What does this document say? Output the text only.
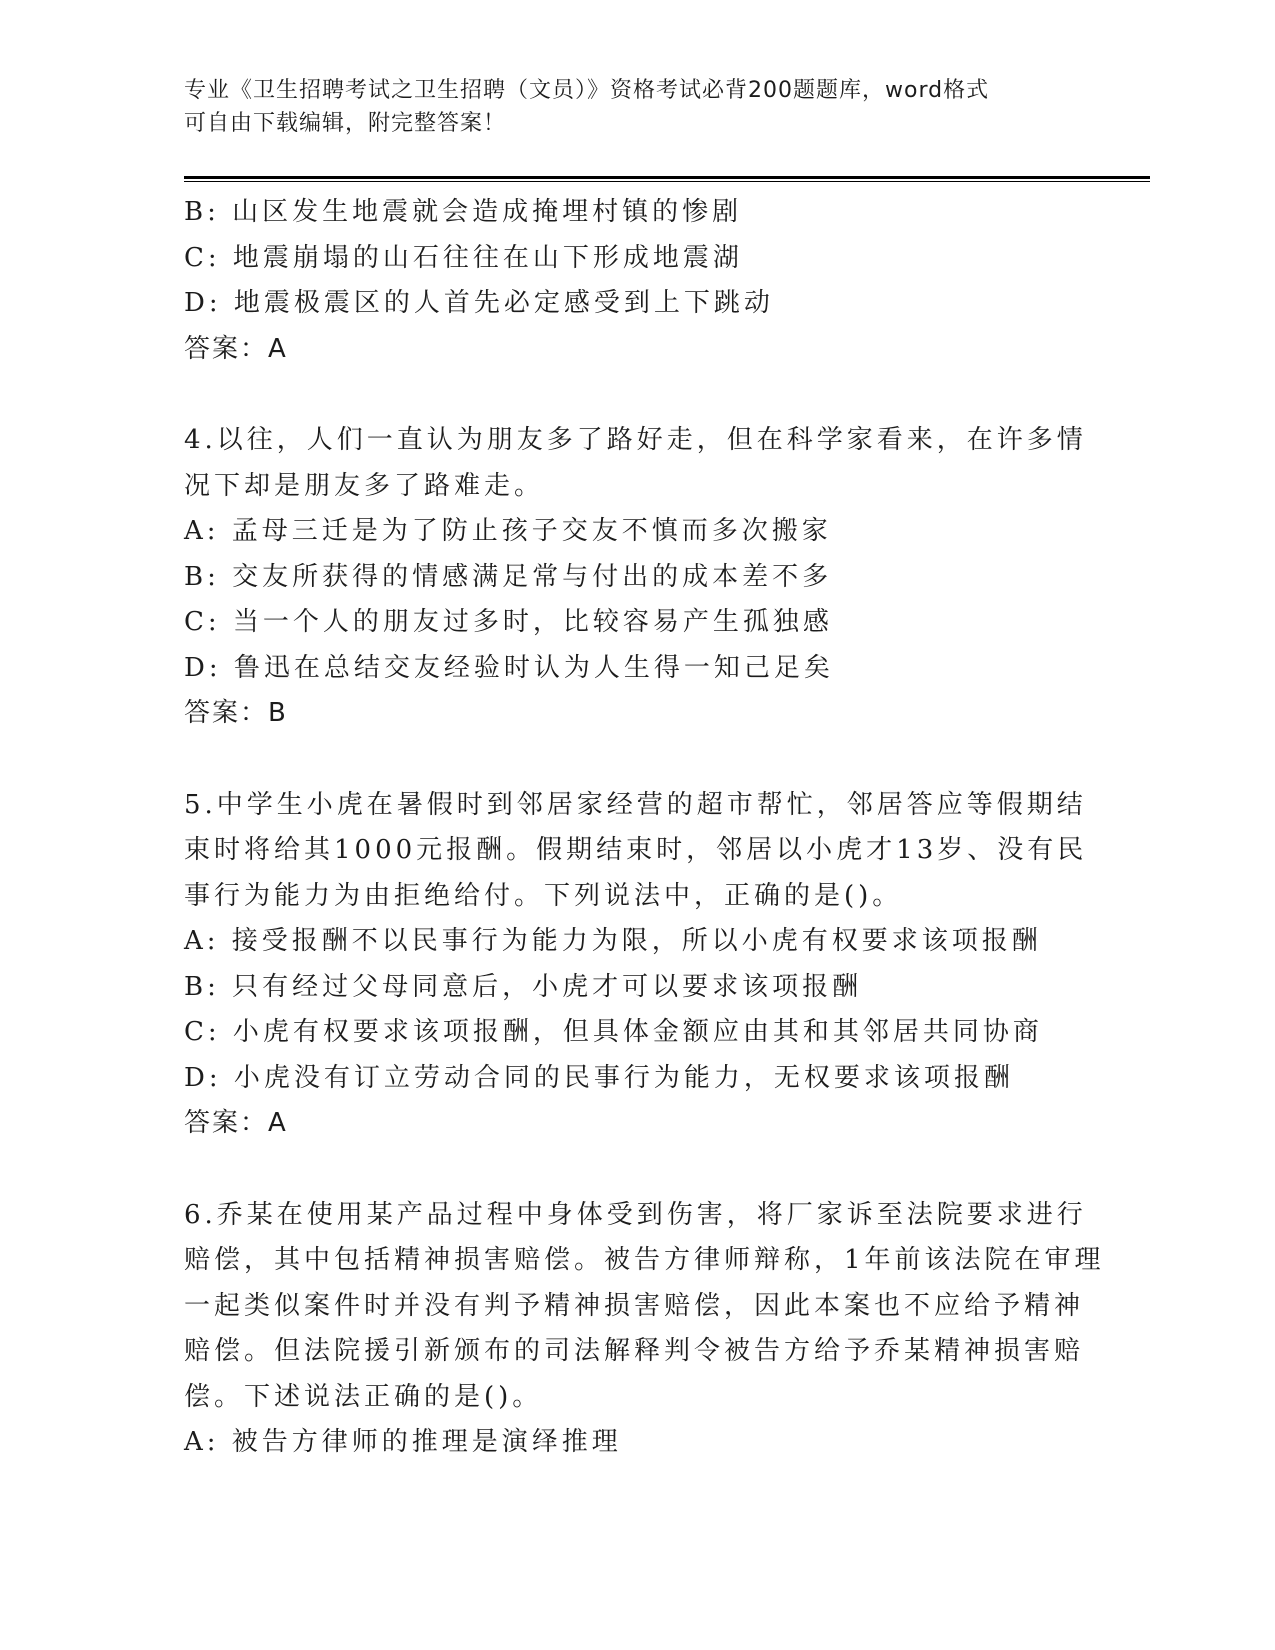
专业《卫生招聘考试之卫生招聘（文员）》资格考试必背200题题库，word格式
可自由下载编辑，附完整答案！
B: 山区发生地震就会造成掩埋村镇的惨剧
C: 地震崩塌的山石往往在山下形成地震湖
D: 地震极震区的人首先必定感受到上下跳动
答案：A
4.以往，人们一直认为朋友多了路好走，但在科学家看来，在许多情
况下却是朋友多了路难走。
A: 孟母三迁是为了防止孩子交友不慎而多次搬家
B: 交友所获得的情感满足常与付出的成本差不多
C: 当一个人的朋友过多时，比较容易产生孤独感
D: 鲁迅在总结交友经验时认为人生得一知己足矣
答案：B
5.中学生小虎在暑假时到邻居家经营的超市帮忙，邻居答应等假期结
束时将给其1000元报酬。假期结束时，邻居以小虎才13岁、没有民
事行为能力为由拒绝给付。下列说法中，正确的是()。
A: 接受报酬不以民事行为能力为限，所以小虎有权要求该项报酬
B: 只有经过父母同意后，小虎才可以要求该项报酬
C: 小虎有权要求该项报酬，但具体金额应由其和其邻居共同协商
D: 小虎没有订立劳动合同的民事行为能力，无权要求该项报酬
答案：A
6.乔某在使用某产品过程中身体受到伤害，将厂家诉至法院要求进行
赔偿，其中包括精神损害赔偿。被告方律师辩称，1年前该法院在审理
一起类似案件时并没有判予精神损害赔偿，因此本案也不应给予精神
赔偿。但法院援引新颁布的司法解释判令被告方给予乔某精神损害赔
偿。下述说法正确的是()。
A: 被告方律师的推理是演绎推理
